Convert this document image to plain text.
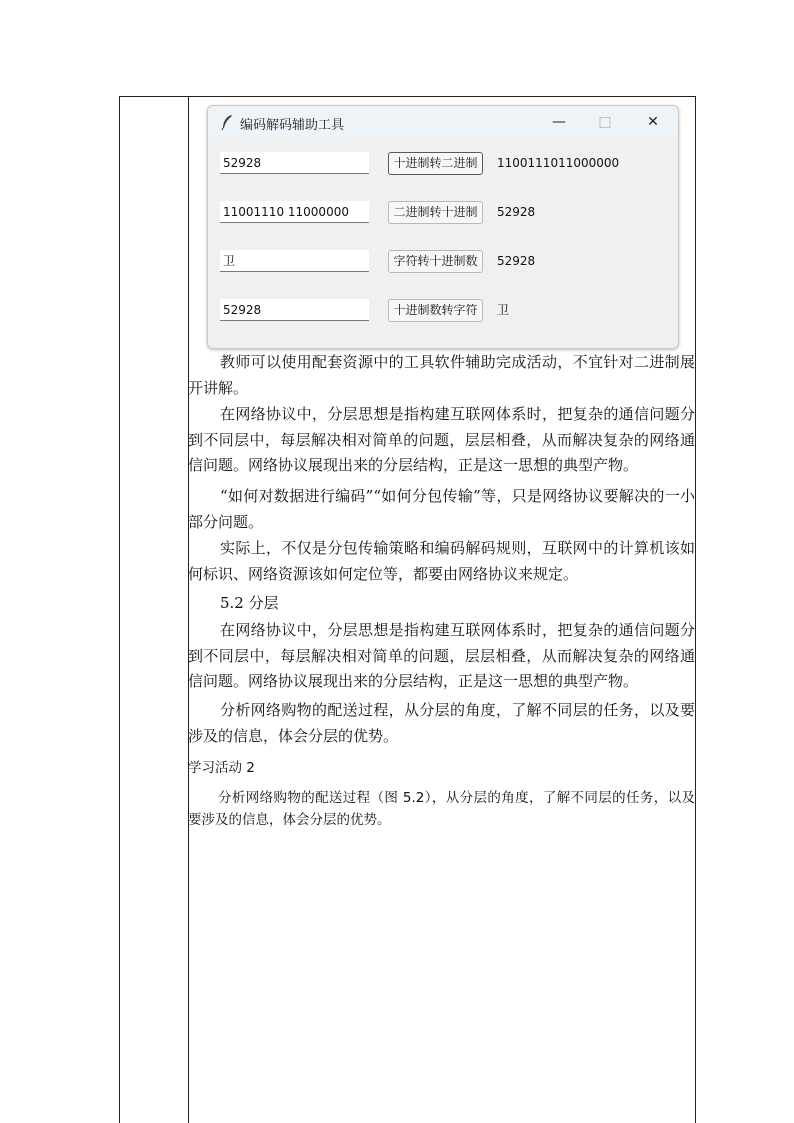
编码解码辅助工具	—	□	✕
52928	十进制转二进制	1100111011000000
11001110 11000000	二进制转十进制	52928
卫	字符转十进制数	52928
52928	十进制数转字符	卫

教师可以使用配套资源中的工具软件辅助完成活动，不宜针对二进制展开讲解。

在网络协议中，分层思想是指构建互联网体系时，把复杂的通信问题分到不同层中，每层解决相对简单的问题，层层相叠，从而解决复杂的网络通信问题。网络协议展现出来的分层结构，正是这一思想的典型产物。

“如何对数据进行编码”“如何分包传输”等，只是网络协议要解决的一小部分问题。

实际上，不仅是分包传输策略和编码解码规则，互联网中的计算机该如何标识、网络资源该如何定位等，都要由网络协议来规定。

5.2 分层

在网络协议中，分层思想是指构建互联网体系时，把复杂的通信问题分到不同层中，每层解决相对简单的问题，层层相叠，从而解决复杂的网络通信问题。网络协议展现出来的分层结构，正是这一思想的典型产物。

分析网络购物的配送过程，从分层的角度，了解不同层的任务，以及要涉及的信息，体会分层的优势。

学习活动 2

分析网络购物的配送过程（图 5.2），从分层的角度，了解不同层的任务，以及要涉及的信息，体会分层的优势。
